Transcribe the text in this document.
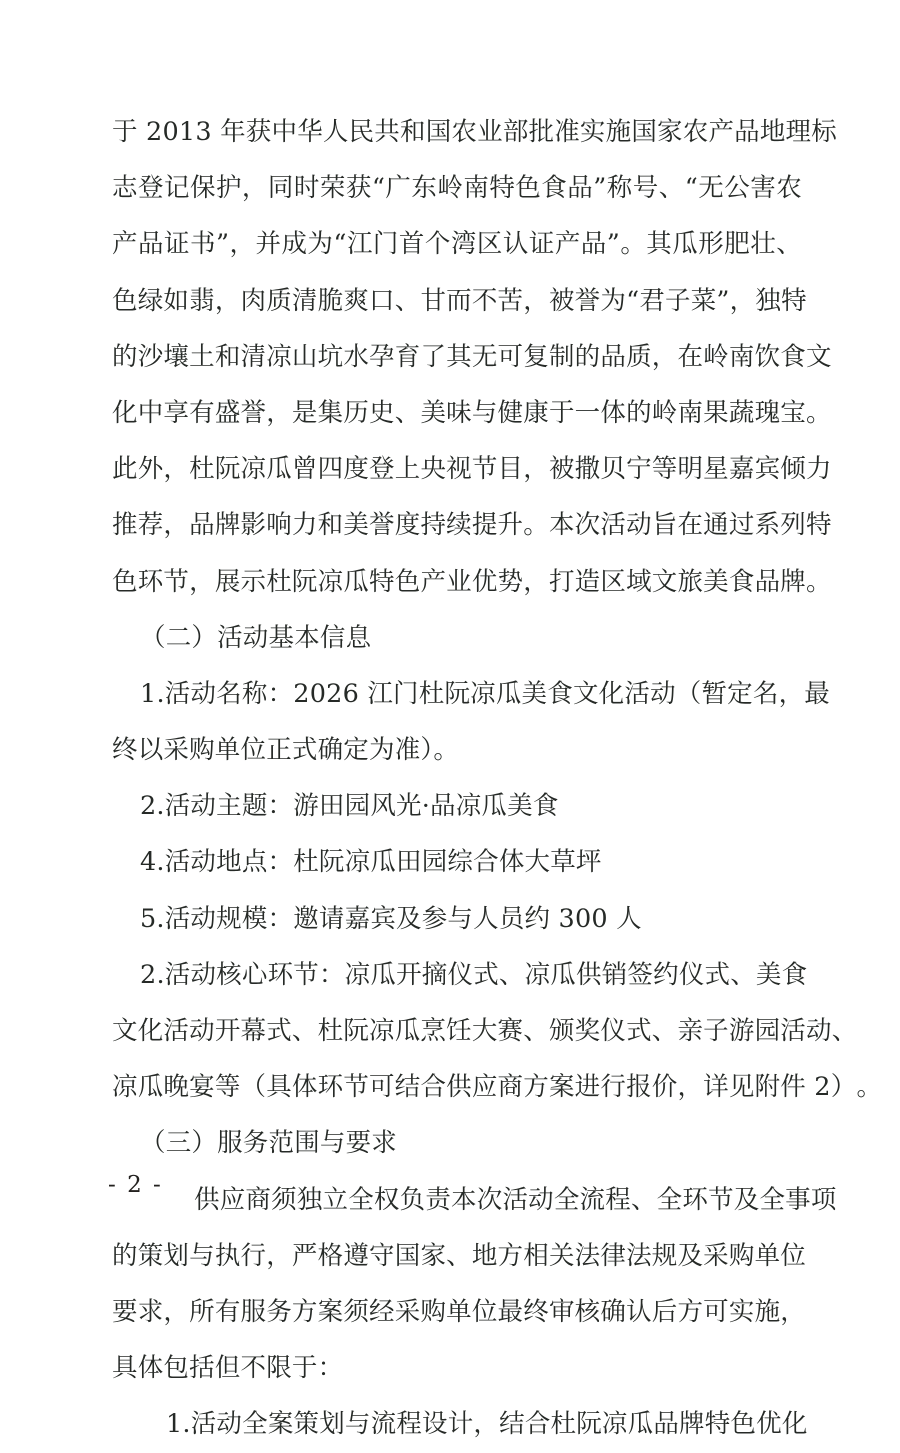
于
2 0 1 3
年 获 中 华 人 民 共 和 国 农 业 部 批 准 实 施 国 家 农 产 品 地 理 标
志 登 记 保 护 ， 同 时 荣 获 “ 广 东 岭 南 特 色 食 品 ” 称 号 、 “ 无 公 害 农
产 品 证 书 ” ， 并 成 为 “ 江 门 首 个 湾 区 认 证 产 品 ” 。 其 瓜 形 肥 壮 、
色 绿 如 翡 ， 肉 质 清 脆 爽 口 、 甘 而 不 苦 ， 被 誉 为 “ 君 子 菜 ” ， 独 特
的 沙 壤 土 和 清 凉 山 坑 水 孕 育 了 其 无 可 复 制 的 品 质 ， 在 岭 南 饮 食 文
化 中 享 有 盛 誉 ， 是 集 历 史 、 美 味 与 健 康 于 一 体 的 岭 南 果 蔬 瑰 宝 。
此 外 ， 杜 阮 凉 瓜 曾 四 度 登 上 央 视 节 目 ， 被 撒 贝 宁 等 明 星 嘉 宾 倾 力
推 荐 ， 品 牌 影 响 力 和 美 誉 度 持 续 提 升 。 本 次 活 动 旨 在 通 过 系 列 特
色 环 节 ， 展 示 杜 阮 凉 瓜 特 色 产 业 优 势 ， 打 造 区 域 文 旅 美 食 品 牌 。
（二）活动基本信息
1 . 活 动 名 称 ： 2 0 2 6
江 门 杜 阮 凉 瓜 美 食 文 化 活 动 （ 暂 定 名 ， 最
终以采购单位正式确定为准）。
2.活动主题：游田园风光·品凉瓜美食
4.活动地点：杜阮凉瓜田园综合体大草坪
5.活动规模：邀请嘉宾及参与人员约 300 人
2 . 活 动 核 心 环 节 ： 凉 瓜 开 摘 仪 式 、 凉 瓜 供 销 签 约 仪 式 、 美 食
文 化 活 动 开 幕 式 、 杜 阮 凉 瓜 烹 饪 大 赛 、 颁 奖 仪 式 、 亲 子 游 园 活 动 、
凉 瓜 晚 宴 等 （ 具 体 环 节 可 结 合 供 应 商 方 案 进 行 报 价 ， 详 见 附 件
2 ） 。
（三）服务范围与要求
供 应 商 须 独 立 全 权 负 责 本 次 活 动 全 流 程 、 全 环 节 及 全 事 项
的 策 划 与 执 行 ， 严 格 遵 守 国 家 、 地 方 相 关 法 律 法 规 及 采 购 单 位
要 求 ， 所 有 服 务 方 案 须 经 采 购 单 位 最 终 审 核 确 认 后 方 可 实 施 ，
具体包括但不限于：
1.活动全案策划与流程设计，结合杜阮凉瓜品牌特色优化
- 2 -
